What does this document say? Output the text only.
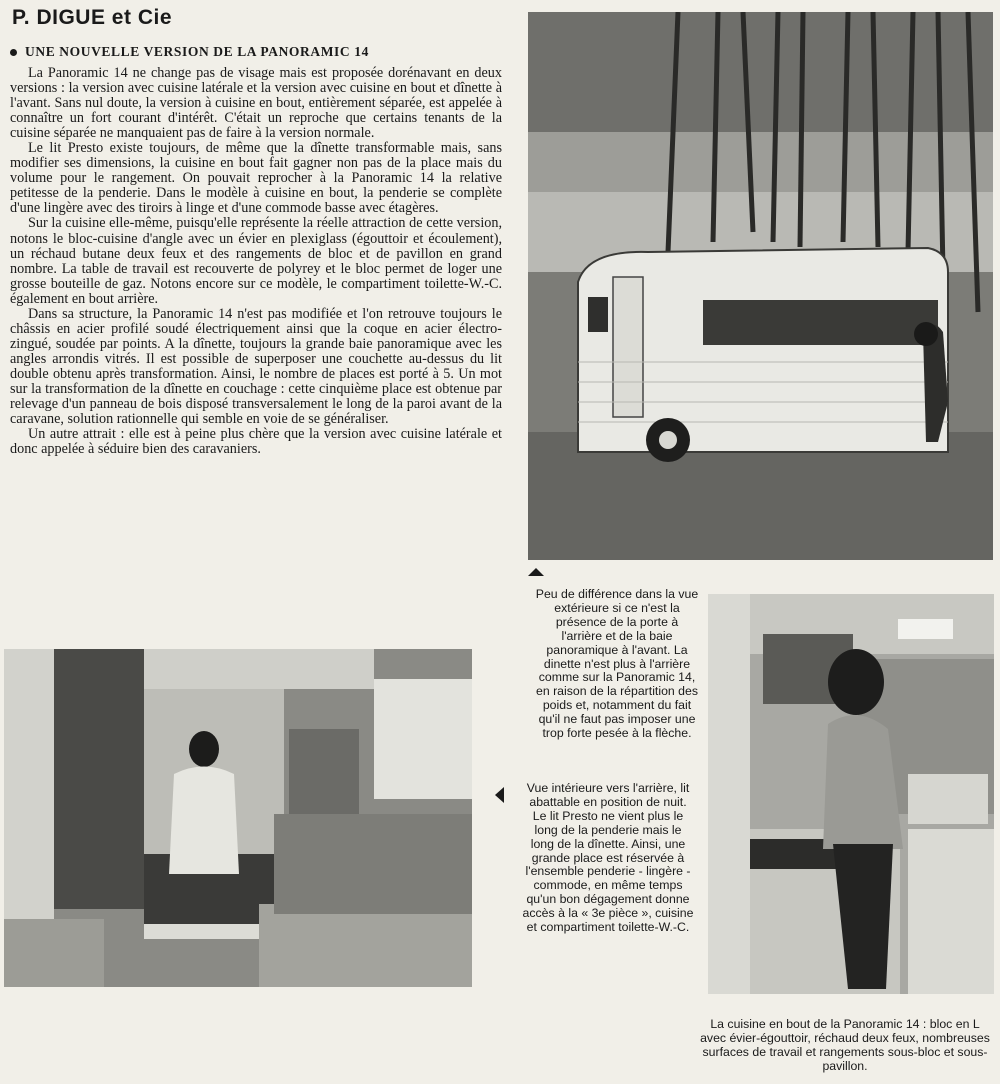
P. DIGUE et Cie
UNE NOUVELLE VERSION DE LA PANORAMIC 14

La Panoramic 14 ne change pas de visage mais est proposée dorénavant en deux versions : la version avec cuisine latérale et la version avec cuisine en bout et dînette à l'avant. Sans nul doute, la version à cuisine en bout, entièrement séparée, est appelée à connaître un fort courant d'intérêt. C'était un reproche que certains tenants de la cuisine séparée ne manquaient pas de faire à la version normale.

Le lit Presto existe toujours, de même que la dînette transformable mais, sans modifier ses dimensions, la cuisine en bout fait gagner non pas de la place mais du volume pour le rangement. On pouvait reprocher à la Panoramic 14 la relative petitesse de la penderie. Dans le modèle à cuisine en bout, la penderie se complète d'une lingère avec des tiroirs à linge et d'une commode basse avec étagères.

Sur la cuisine elle-même, puisqu'elle représente la réelle attraction de cette version, notons le bloc-cuisine d'angle avec un évier en plexiglass (égouttoir et écoulement), un réchaud butane deux feux et des rangements de bloc et de pavillon en grand nombre. La table de travail est recouverte de polyrey et le bloc permet de loger une grosse bouteille de gaz. Notons encore sur ce modèle, le compartiment toilette-W.-C. également en bout arrière.

Dans sa structure, la Panoramic 14 n'est pas modifiée et l'on retrouve toujours le châssis en acier profilé soudé électriquement ainsi que la coque en acier électro-zingué, soudée par points. A la dînette, toujours la grande baie panoramique avec les angles arrondis vitrés. Il est possible de superposer une couchette au-dessus du lit double obtenu après transformation. Ainsi, le nombre de places est porté à 5. Un mot sur la transformation de la dînette en couchage : cette cinquième place est obtenue par relevage d'un panneau de bois disposé transversalement le long de la paroi avant de la caravane, solution rationnelle qui semble en voie de se généraliser.

Un autre attrait : elle est à peine plus chère que la version avec cuisine latérale et donc appelée à séduire bien des caravaniers.

Peu de différence dans la vue extérieure si ce n'est la présence de la porte à l'arrière et de la baie panoramique à l'avant. La dinette n'est plus à l'arrière comme sur la Panoramic 14, en raison de la répartition des poids et, notamment du fait qu'il ne faut pas imposer une trop forte pesée à la flèche.
Vue intérieure vers l'arrière, lit abattable en position de nuit. Le lit Presto ne vient plus le long de la penderie mais le long de la dînette. Ainsi, une grande place est réservée à l'ensemble penderie - lingère - commode, en même temps qu'un bon dégagement donne accès à la « 3e pièce », cuisine et compartiment toilette-W.-C.
La cuisine en bout de la Panoramic 14 : bloc en L avec évier-égouttoir, réchaud deux feux, nombreuses surfaces de travail et rangements sous-bloc et sous-pavillon.
